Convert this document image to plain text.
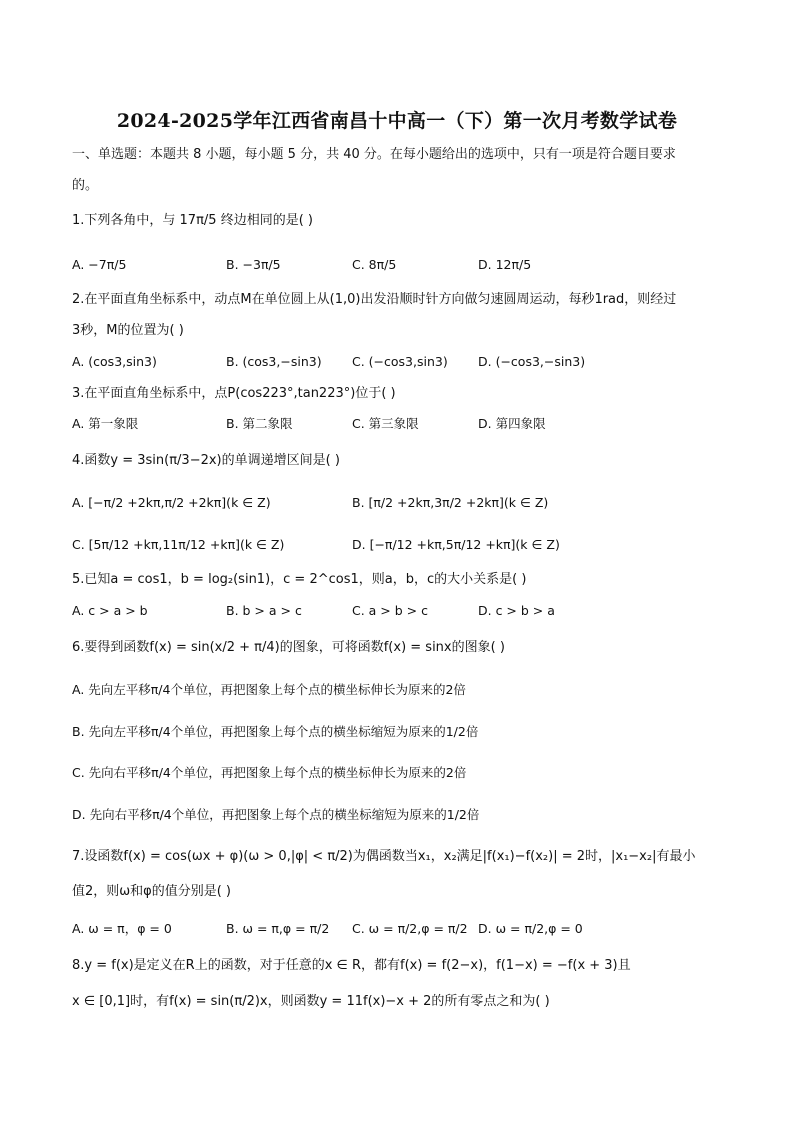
2024-2025学年江西省南昌十中高一（下）第一次月考数学试卷
一、单选题：本题共 8 小题，每小题 5 分，共 40 分。在每小题给出的选项中，只有一项是符合题目要求
的。
1.下列各角中，与 17π/5 终边相同的是( )
A. −7π/5	B. −3π/5	C. 8π/5	D. 12π/5
2.在平面直角坐标系中，动点M在单位圆上从(1,0)出发沿顺时针方向做匀速圆周运动，每秒1rad，则经过
3秒，M的位置为( )
A. (cos3,sin3)	B. (cos3,−sin3) C. (−cos3,sin3) D. (−cos3,−sin3)
3.在平面直角坐标系中，点P(cos223°,tan223°)位于( )
A. 第一象限	B. 第二象限	C. 第三象限	D. 第四象限
4.函数y = 3sin(π/3−2x)的单调递增区间是( )
A. [−π/2 +2kπ,π/2 +2kπ](k ∈ Z)	B. [π/2 +2kπ,3π/2 +2kπ](k ∈ Z)
C. [5π/12 +kπ,11π/12 +kπ](k ∈ Z)	D. [−π/12 +kπ,5π/12 +kπ](k ∈ Z)
5.已知a = cos1，b = log₂(sin1)，c = 2^cos1，则a，b，c的大小关系是( )
A. c > a > b	B. b > a > c	C. a > b > c	D. c > b > a
6.要得到函数f(x) = sin(x/2 + π/4)的图象，可将函数f(x) = sinx的图象( )
A. 先向左平移π/4个单位，再把图象上每个点的横坐标伸长为原来的2倍
B. 先向左平移π/4个单位，再把图象上每个点的横坐标缩短为原来的1/2倍
C. 先向右平移π/4个单位，再把图象上每个点的横坐标伸长为原来的2倍
D. 先向右平移π/4个单位，再把图象上每个点的横坐标缩短为原来的1/2倍
7.设函数f(x) = cos(ωx + φ)(ω > 0,|φ| < π/2)为偶函数当x₁，x₂满足|f(x₁)−f(x₂)| = 2时，|x₁−x₂|有最小
值2，则ω和φ的值分别是( )
A. ω = π，φ = 0	B. ω = π,φ = π/2 C. ω = π/2,φ = π/2 D. ω = π/2,φ = 0
8.y = f(x)是定义在R上的函数，对于任意的x ∈ R，都有f(x) = f(2−x)，f(1−x) = −f(x + 3)且
x ∈ [0,1]时，有f(x) = sin(π/2)x，则函数y = 11f(x)−x + 2的所有零点之和为( )
